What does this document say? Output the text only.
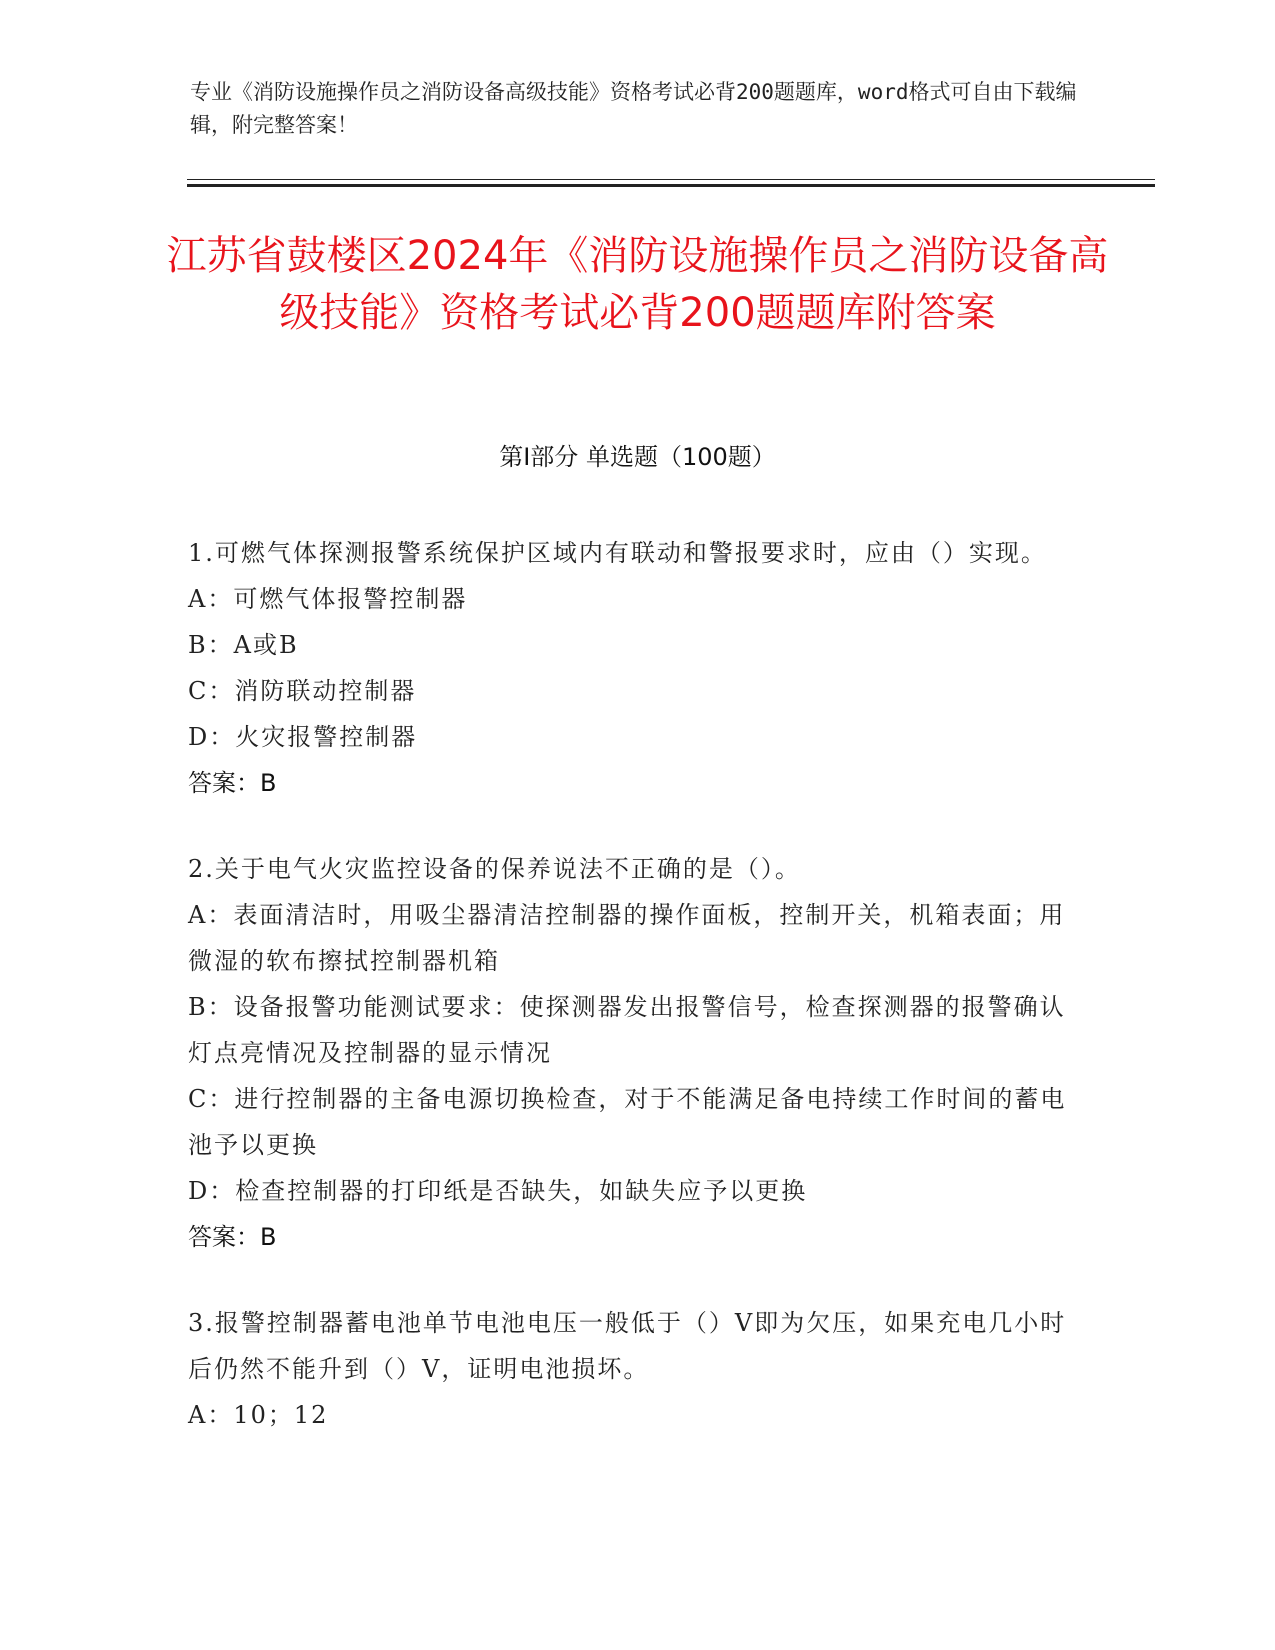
专业《消防设施操作员之消防设备高级技能》资格考试必背200题题库，word格式可自由下载编辑，附完整答案！
江苏省鼓楼区2024年《消防设施操作员之消防设备高级技能》资格考试必背200题题库附答案
第I部分 单选题（100题）
1.可燃气体探测报警系统保护区域内有联动和警报要求时，应由（）实现。
A：可燃气体报警控制器
B：A或B
C：消防联动控制器
D：火灾报警控制器
答案：B
2.关于电气火灾监控设备的保养说法不正确的是（）。
A：表面清洁时，用吸尘器清洁控制器的操作面板，控制开关，机箱表面；用微湿的软布擦拭控制器机箱
B：设备报警功能测试要求：使探测器发出报警信号，检查探测器的报警确认灯点亮情况及控制器的显示情况
C：进行控制器的主备电源切换检查，对于不能满足备电持续工作时间的蓄电池予以更换
D：检查控制器的打印纸是否缺失，如缺失应予以更换
答案：B
3.报警控制器蓄电池单节电池电压一般低于（）V即为欠压，如果充电几小时后仍然不能升到（）V，证明电池损坏。
A：10；12
